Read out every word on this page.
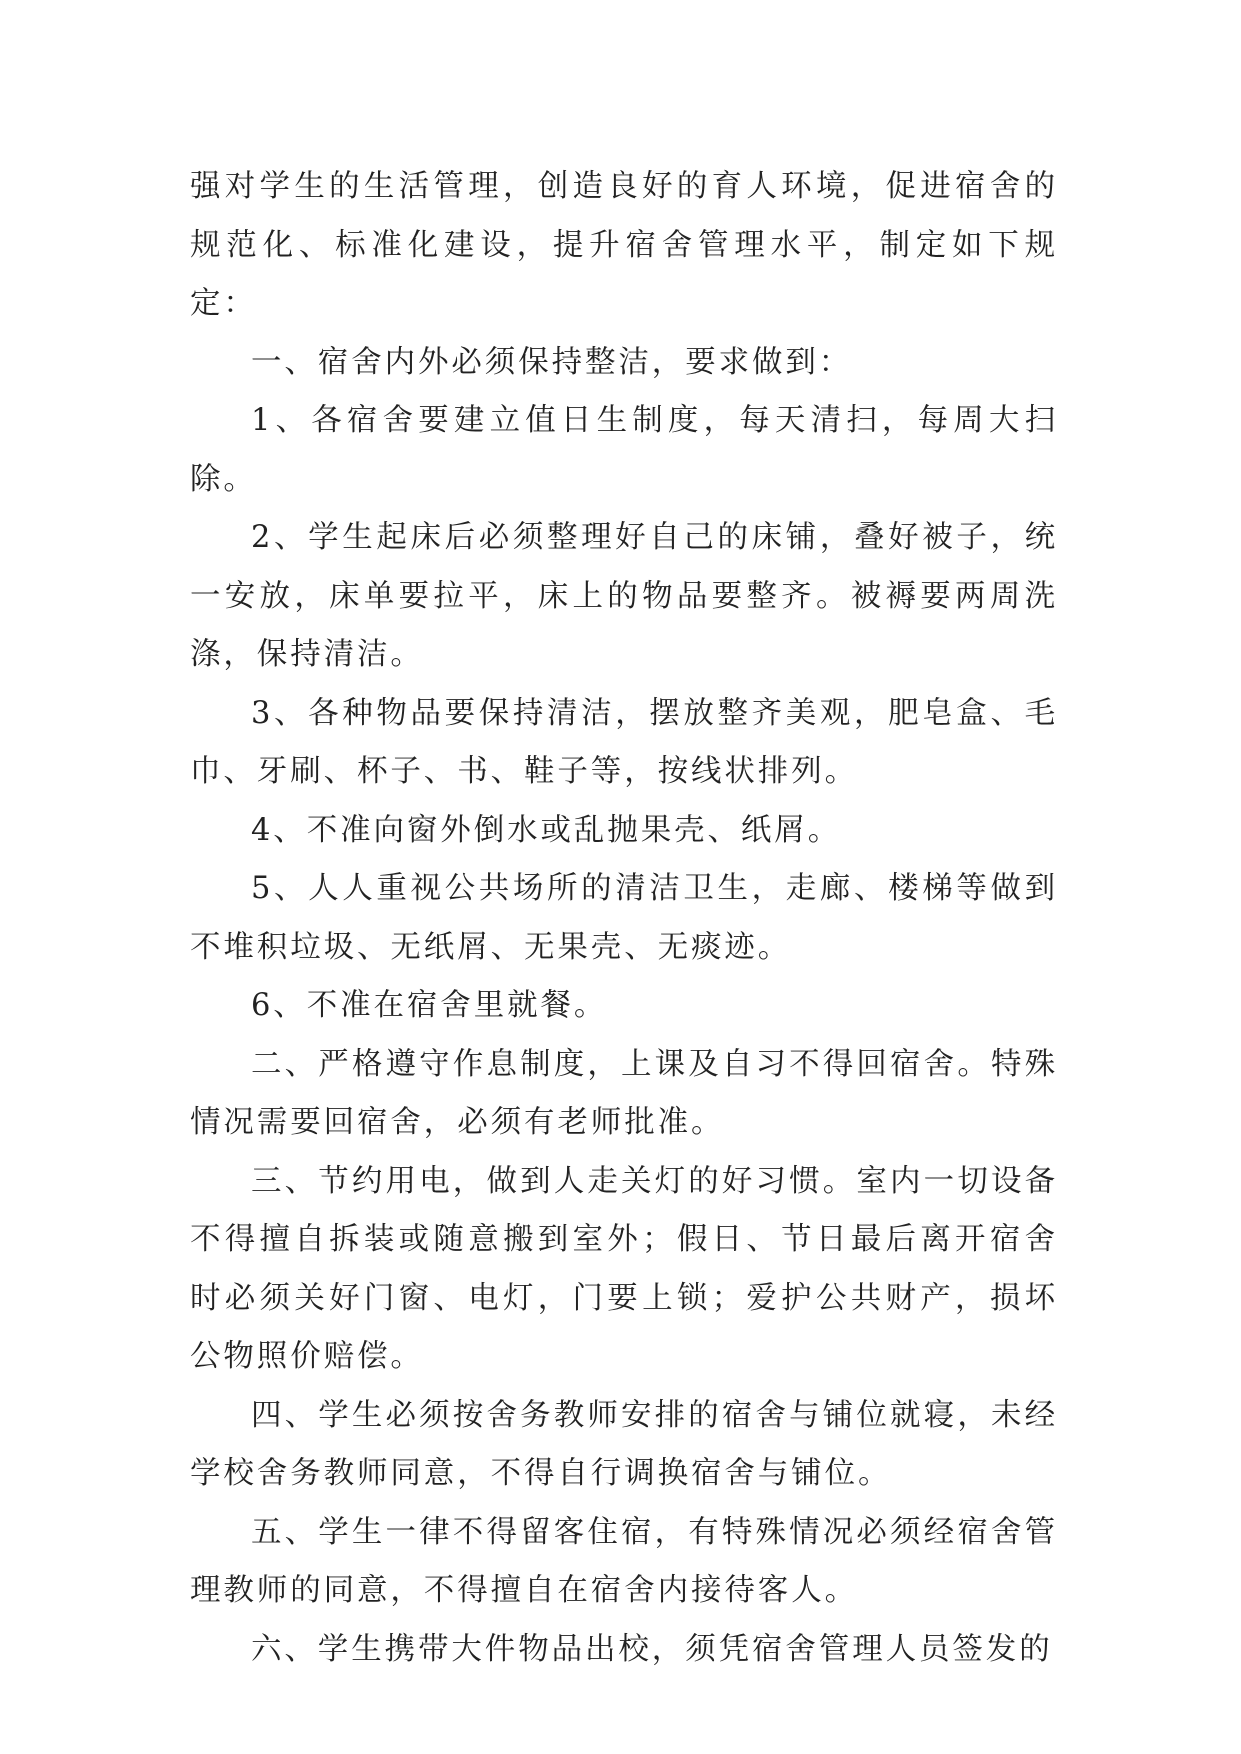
强对学生的生活管理，创造良好的育人环境，促进宿舍的规范化、标准化建设，提升宿舍管理水平，制定如下规定：

一、宿舍内外必须保持整洁，要求做到：

1、各宿舍要建立值日生制度，每天清扫，每周大扫除。

2、学生起床后必须整理好自己的床铺，叠好被子，统一安放，床单要拉平，床上的物品要整齐。被褥要两周洗涤，保持清洁。

3、各种物品要保持清洁，摆放整齐美观，肥皂盒、毛巾、牙刷、杯子、书、鞋子等，按线状排列。

4、不准向窗外倒水或乱抛果壳、纸屑。

5、人人重视公共场所的清洁卫生，走廊、楼梯等做到不堆积垃圾、无纸屑、无果壳、无痰迹。

6、不准在宿舍里就餐。

二、严格遵守作息制度，上课及自习不得回宿舍。特殊情况需要回宿舍，必须有老师批准。

三、节约用电，做到人走关灯的好习惯。室内一切设备不得擅自拆装或随意搬到室外；假日、节日最后离开宿舍时必须关好门窗、电灯，门要上锁；爱护公共财产，损坏公物照价赔偿。

四、学生必须按舍务教师安排的宿舍与铺位就寝，未经学校舍务教师同意，不得自行调换宿舍与铺位。

五、学生一律不得留客住宿，有特殊情况必须经宿舍管理教师的同意，不得擅自在宿舍内接待客人。

六、学生携带大件物品出校，须凭宿舍管理人员签发的
